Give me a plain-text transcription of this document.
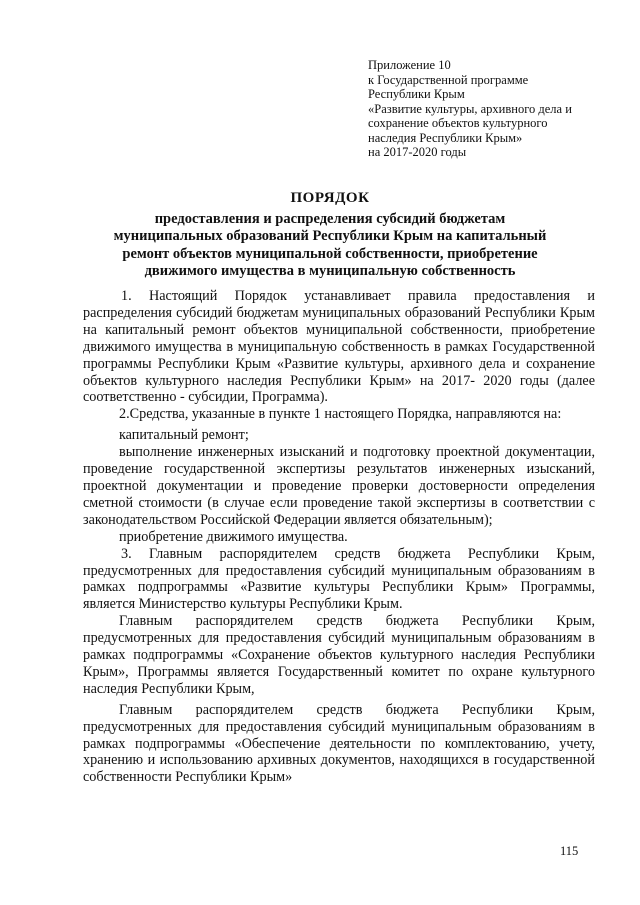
Приложение 10
к Государственной программе
Республики Крым
«Развитие культуры, архивного дела и
сохранение объектов культурного
наследия Республики Крым»
на 2017-2020 годы
ПОРЯДОК
предоставления и распределения субсидий бюджетам
муниципальных образований Республики Крым на капитальный
ремонт объектов муниципальной собственности, приобретение
движимого имущества в муниципальную собственность

1. Настоящий Порядок устанавливает правила предоставления и распределения субсидий бюджетам муниципальных образований Республики Крым на капитальный ремонт объектов муниципальной собственности, приобретение движимого имущества в муниципальную собственность в рамках Государственной программы Республики Крым «Развитие культуры, архивного дела и сохранение объектов культурного наследия Республики Крым» на 2017- 2020 годы (далее соответственно - субсидии, Программа).

2.Средства, указанные в пункте 1 настоящего Порядка, направляются на:

капитальный ремонт;

выполнение инженерных изысканий и подготовку проектной документации, проведение государственной экспертизы результатов инженерных изысканий, проектной документации и проведение проверки достоверности определения сметной стоимости (в случае если проведение такой экспертизы в соответствии с законодательством Российской Федерации является обязательным);

приобретение движимого имущества.

3. Главным распорядителем средств бюджета Республики Крым, предусмотренных для предоставления субсидий муниципальным образованиям в рамках подпрограммы «Развитие культуры Республики Крым» Программы, является Министерство культуры Республики Крым.

Главным распорядителем средств бюджета Республики Крым, предусмотренных для предоставления субсидий муниципальным образованиям в рамках подпрограммы «Сохранение объектов культурного наследия Республики Крым», Программы является Государственный комитет по охране культурного наследия Республики Крым,

Главным распорядителем средств бюджета Республики Крым, предусмотренных для предоставления субсидий муниципальным образованиям в рамках подпрограммы «Обеспечение деятельности по комплектованию, учету, хранению и использованию архивных документов, находящихся в государственной собственности Республики Крым»

115
